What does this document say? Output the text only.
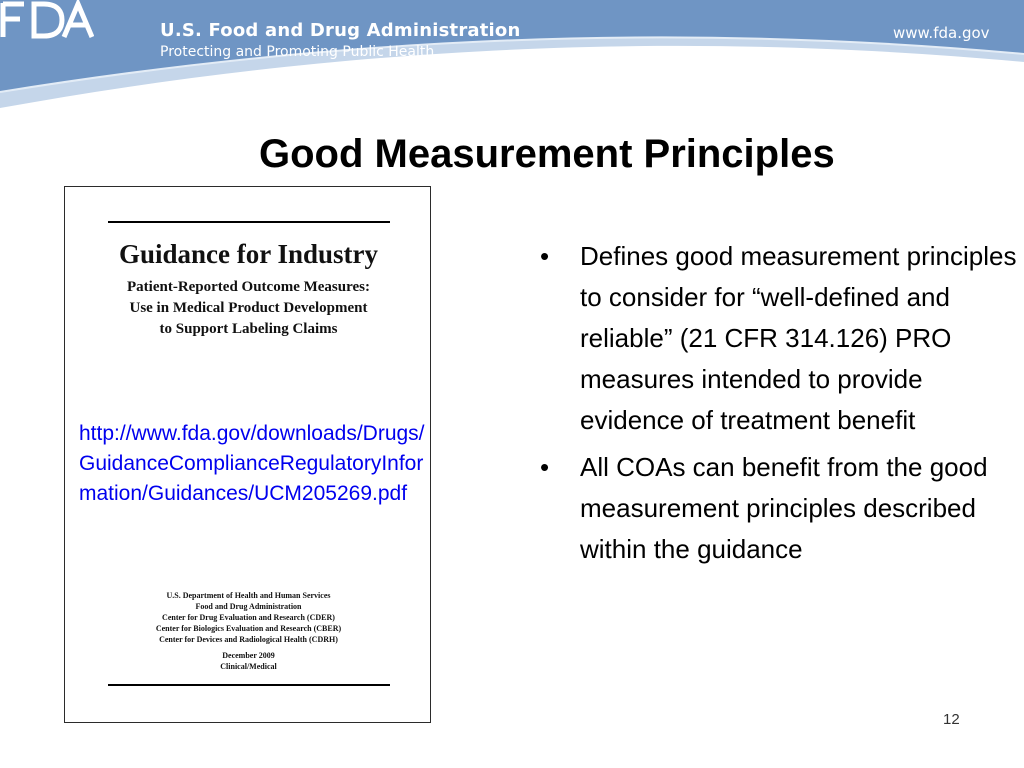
U.S. Food and Drug Administration
Protecting and Promoting Public Health
www.fda.gov
Good Measurement Principles
Guidance for Industry
Patient-Reported Outcome Measures:
Use in Medical Product Development
to Support Labeling Claims
http://www.fda.gov/downloads/Drugs/GuidanceComplianceRegulatoryInformation/Guidances/UCM205269.pdf
U.S. Department of Health and Human Services
Food and Drug Administration
Center for Drug Evaluation and Research (CDER)
Center for Biologics Evaluation and Research (CBER)
Center for Devices and Radiological Health (CDRH)
December 2009
Clinical/Medical
• Defines good measurement principles to consider for “well-defined and reliable” (21 CFR 314.126) PRO measures intended to provide evidence of treatment benefit
• All COAs can benefit from the good measurement principles described within the guidance
12
